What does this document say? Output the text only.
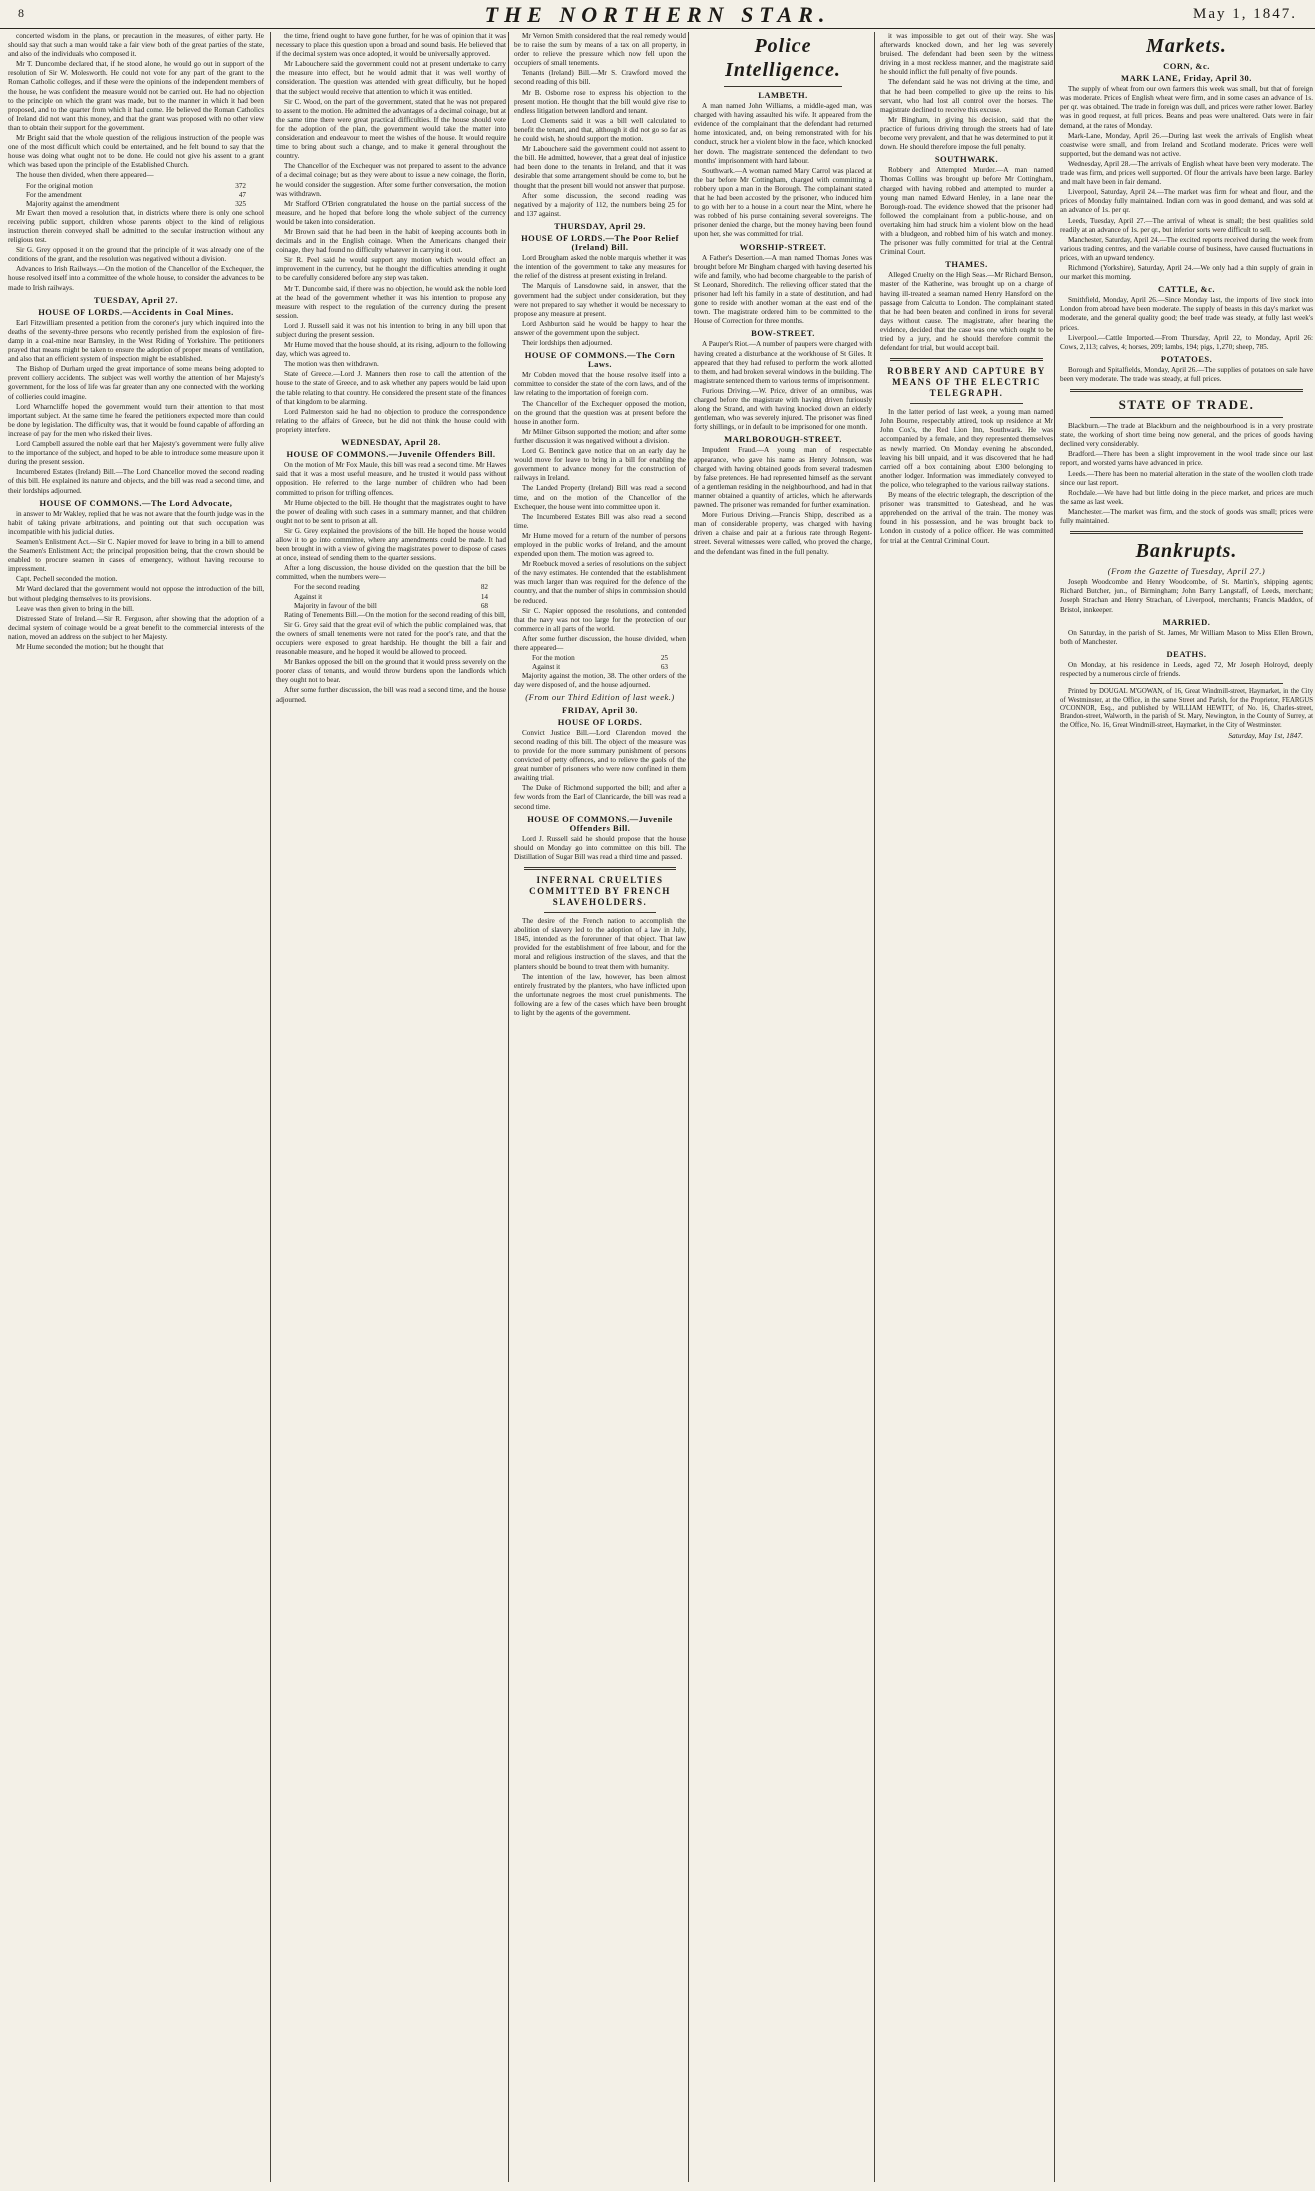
8	THE NORTHERN STAR.	May 1, 1847.

concerted wisdom in the plans, or precaution in the measures, of either party. He should say that such a man would take a fair view both of the great parties of the state, and also of the individuals who composed it.

Mr T. Duncombe declared that, if he stood alone, he would go out in support of the resolution of Sir W. Molesworth. He could not vote for any part of the grant to the Roman Catholic colleges, and if these were the opinions of the independent members of the house, he was confident the measure would not be carried out. He had no objection to the principle on which the grant was made, but to the manner in which it had been proposed, and to the quarter from which it had come. He believed the Roman Catholics of Ireland did not want this money, and that the grant was proposed with no other view than to obtain their support for the government.

Mr Bright said that the whole question of the religious instruction of the people was one of the most difficult which could be entertained, and he felt bound to say that the house was doing what ought not to be done. He could not give his assent to a grant which was based upon the principle of the Established Church.

The house then divided, when there appeared—

For the original motion	372
For the amendment	47
Majority against the amendment	325

Mr Ewart then moved a resolution that, in districts where there is only one school receiving public support, children whose parents object to the kind of religious instruction therein conveyed shall be admitted to the secular instruction without any religious test.

Sir G. Grey opposed it on the ground that the principle of it was already one of the conditions of the grant, and the resolution was negatived without a division.

Advances to Irish Railways.—On the motion of the Chancellor of the Exchequer, the house resolved itself into a committee of the whole house, to consider the advances to be made to Irish railways.

TUESDAY, April 27.
HOUSE OF LORDS.—Accidents in Coal Mines.

Earl Fitzwilliam presented a petition from the coroner's jury which inquired into the deaths of the seventy-three persons who recently perished from the explosion of fire-damp in a coal-mine near Barnsley, in the West Riding of Yorkshire. The petitioners prayed that means might be taken to ensure the adoption of proper means of ventilation, and also that an efficient system of inspection might be established.

The Bishop of Durham urged the great importance of some means being adopted to prevent colliery accidents. The subject was well worthy the attention of her Majesty's government, for the loss of life was far greater than any one connected with the working of collieries could imagine.

Lord Wharncliffe hoped the government would turn their attention to that most important subject. At the same time he feared the petitioners expected more than could be done by legislation. The difficulty was, that it would be found capable of affording an increase of pay for the men who risked their lives.

Lord Campbell assured the noble earl that her Majesty's government were fully alive to the importance of the subject, and hoped to be able to introduce some measure upon it during the present session.

Incumbered Estates (Ireland) Bill.—The Lord Chancellor moved the second reading of this bill. He explained its nature and objects, and the bill was read a second time, and their lordships adjourned.

HOUSE OF COMMONS.—The Lord Advocate,

in answer to Mr Wakley, replied that he was not aware that the fourth judge was in the habit of taking private arbitrations, and pointing out that such occupation was incompatible with his judicial duties.

Seamen's Enlistment Act.—Sir C. Napier moved for leave to bring in a bill to amend the Seamen's Enlistment Act; the principal proposition being, that the crown should be enabled to procure seamen in cases of emergency, without having recourse to impressment.

Capt. Pechell seconded the motion.

Mr Ward declared that the government would not oppose the introduction of the bill, but without pledging themselves to its provisions.

Leave was then given to bring in the bill.

Distressed State of Ireland.—Sir R. Ferguson, after showing that the adoption of a decimal system of coinage would be a great benefit to the commercial interests of the nation, moved an address on the subject to her Majesty.

Mr Hume seconded the motion; but he thought that

the time, friend ought to have gone further, for he was of opinion that it was necessary to place this question upon a broad and sound basis. He believed that if the decimal system was once adopted, it would be universally approved.

Mr Labouchere said the government could not at present undertake to carry the measure into effect, but he would admit that it was well worthy of consideration. The question was attended with great difficulty, but he hoped that the subject would receive that attention to which it was entitled.

Sir C. Wood, on the part of the government, stated that he was not prepared to assent to the motion. He admitted the advantages of a decimal coinage, but at the same time there were great practical difficulties. If the house should vote for the adoption of the plan, the government would take the matter into consideration and endeavour to meet the wishes of the house. It would require time to bring about such a change, and to make it general throughout the country.

The Chancellor of the Exchequer was not prepared to assent to the advance of a decimal coinage; but as they were about to issue a new coinage, the florin, he would consider the suggestion. After some further conversation, the motion was withdrawn.

Mr Stafford O'Brien congratulated the house on the partial success of the measure, and he hoped that before long the whole subject of the currency would be taken into consideration.

Mr Brown said that he had been in the habit of keeping accounts both in decimals and in the English coinage. When the Americans changed their coinage, they had found no difficulty whatever in carrying it out.

Sir R. Peel said he would support any motion which would effect an improvement in the currency, but he thought the difficulties attending it ought to be carefully considered before any step was taken.

Mr T. Duncombe said, if there was no objection, he would ask the noble lord at the head of the government whether it was his intention to propose any measure with respect to the regulation of the currency during the present session.

Lord J. Russell said it was not his intention to bring in any bill upon that subject during the present session.

Mr Hume moved that the house should, at its rising, adjourn to the following day, which was agreed to.

The motion was then withdrawn.

State of Greece.—Lord J. Manners then rose to call the attention of the house to the state of Greece, and to ask whether any papers would be laid upon the table relating to that country. He considered the present state of the finances of that kingdom to be alarming.

Lord Palmerston said he had no objection to produce the correspondence relating to the affairs of Greece, but he did not think the house could with propriety interfere.

WEDNESDAY, April 28.
HOUSE OF COMMONS.—Juvenile Offenders Bill.

On the motion of Mr Fox Maule, this bill was read a second time. Mr Hawes said that it was a most useful measure, and he trusted it would pass without opposition. He referred to the large number of children who had been committed to prison for trifling offences.

Mr Hume objected to the bill. He thought that the magistrates ought to have the power of dealing with such cases in a summary manner, and that children ought not to be sent to prison at all.

Sir G. Grey explained the provisions of the bill. He hoped the house would allow it to go into committee, where any amendments could be made. It had been brought in with a view of giving the magistrates power to dispose of cases at once, instead of sending them to the quarter sessions.

After a long discussion, the house divided on the question that the bill be committed, when the numbers were—

For the second reading	82
Against it	14
Majority in favour of the bill	68

Rating of Tenements Bill.—On the motion for the second reading of this bill,

Sir G. Grey said that the great evil of which the public complained was, that the owners of small tenements were not rated for the poor's rate, and that the occupiers were exposed to great hardship. He thought the bill a fair and reasonable measure, and he hoped it would be allowed to proceed.

Mr Bankes opposed the bill on the ground that it would press severely on the poorer class of tenants, and would throw burdens upon the landlords which they ought not to bear.

After some further discussion, the bill was read a second time, and the house adjourned.

Mr Vernon Smith considered that the real remedy would be to raise the sum by means of a tax on all property, in order to relieve the pressure which now fell upon the occupiers of small tenements.

Tenants (Ireland) Bill.—Mr S. Crawford moved the second reading of this bill.

Mr B. Osborne rose to express his objection to the present motion. He thought that the bill would give rise to endless litigation between landlord and tenant.

Lord Clements said it was a bill well calculated to benefit the tenant, and that, although it did not go so far as he could wish, he should support the motion.

Mr Labouchere said the government could not assent to the bill. He admitted, however, that a great deal of injustice had been done to the tenants in Ireland, and that it was desirable that some arrangement should be come to, but he thought that the present bill would not answer that purpose.

After some discussion, the second reading was negatived by a majority of 112, the numbers being 25 for and 137 against.

THURSDAY, April 29.
HOUSE OF LORDS.—The Poor Relief (Ireland) Bill.

Lord Brougham asked the noble marquis whether it was the intention of the government to take any measures for the relief of the distress at present existing in Ireland.

The Marquis of Lansdowne said, in answer, that the government had the subject under consideration, but they were not prepared to say whether it would be necessary to propose any measure at present.

Lord Ashburton said he would be happy to hear the answer of the government upon the subject.

Their lordships then adjourned.

HOUSE OF COMMONS.—The Corn Laws.

Mr Cobden moved that the house resolve itself into a committee to consider the state of the corn laws, and of the law relating to the importation of foreign corn.

The Chancellor of the Exchequer opposed the motion, on the ground that the question was at present before the house in another form.

Mr Milner Gibson supported the motion; and after some further discussion it was negatived without a division.

Lord G. Bentinck gave notice that on an early day he would move for leave to bring in a bill for enabling the government to advance money for the construction of railways in Ireland.

The Landed Property (Ireland) Bill was read a second time, and on the motion of the Chancellor of the Exchequer, the house went into committee upon it.

The Incumbered Estates Bill was also read a second time.

Mr Hume moved for a return of the number of persons employed in the public works of Ireland, and the amount expended upon them. The motion was agreed to.

Mr Roebuck moved a series of resolutions on the subject of the navy estimates. He contended that the establishment was much larger than was required for the defence of the country, and that the number of ships in commission should be reduced.

Sir C. Napier opposed the resolutions, and contended that the navy was not too large for the protection of our commerce in all parts of the world.

After some further discussion, the house divided, when there appeared—

For the motion	25
Against it	63

Majority against the motion, 38. The other orders of the day were disposed of, and the house adjourned.

(From our Third Edition of last week.)
FRIDAY, April 30.
HOUSE OF LORDS.

Convict Justice Bill.—Lord Clarendon moved the second reading of this bill. The object of the measure was to provide for the more summary punishment of persons convicted of petty offences, and to relieve the gaols of the great number of prisoners who were now confined in them awaiting trial.

The Duke of Richmond supported the bill; and after a few words from the Earl of Clanricarde, the bill was read a second time.

HOUSE OF COMMONS.—Juvenile Offenders Bill.

Lord J. Russell said he should propose that the house should on Monday go into committee on this bill. The Distillation of Sugar Bill was read a third time and passed.

INFERNAL CRUELTIES COMMITTED BY FRENCH SLAVEHOLDERS.

The desire of the French nation to accomplish the abolition of slavery led to the adoption of a law in July, 1845, intended as the forerunner of that object. That law provided for the establishment of free labour, and for the moral and religious instruction of the slaves, and that the planters should be bound to treat them with humanity.

The intention of the law, however, has been almost entirely frustrated by the planters, who have inflicted upon the unfortunate negroes the most cruel punishments. The following are a few of the cases which have been brought to light by the agents of the government.

Police Intelligence.
LAMBETH.

A man named John Williams, a middle-aged man, was charged with having assaulted his wife. It appeared from the evidence of the complainant that the defendant had returned home intoxicated, and, on being remonstrated with for his conduct, struck her a violent blow in the face, which knocked her down. The magistrate sentenced the defendant to two months' imprisonment with hard labour.

Southwark.—A woman named Mary Carrol was placed at the bar before Mr Cottingham, charged with committing a robbery upon a man in the Borough. The complainant stated that he had been accosted by the prisoner, who induced him to go with her to a house in a court near the Mint, where he was robbed of his purse containing several sovereigns. The prisoner denied the charge, but the money having been found upon her, she was committed for trial.

WORSHIP-STREET.

A Father's Desertion.—A man named Thomas Jones was brought before Mr Bingham charged with having deserted his wife and family, who had become chargeable to the parish of St Leonard, Shoreditch. The relieving officer stated that the prisoner had left his family in a state of destitution, and had gone to reside with another woman at the east end of the town. The magistrate ordered him to be committed to the House of Correction for three months.

BOW-STREET.

A Pauper's Riot.—A number of paupers were charged with having created a disturbance at the workhouse of St Giles. It appeared that they had refused to perform the work allotted to them, and had broken several windows in the building. The magistrate sentenced them to various terms of imprisonment.

Furious Driving.—W. Price, driver of an omnibus, was charged before the magistrate with having driven furiously along the Strand, and with having knocked down an elderly gentleman, who was severely injured. The prisoner was fined forty shillings, or in default to be imprisoned for one month.

MARLBOROUGH-STREET.

Impudent Fraud.—A young man of respectable appearance, who gave his name as Henry Johnson, was charged with having obtained goods from several tradesmen by false pretences. He had represented himself as the servant of a gentleman residing in the neighbourhood, and had in that manner obtained a quantity of articles, which he afterwards pawned. The prisoner was remanded for further examination.

More Furious Driving.—Francis Shipp, described as a man of considerable property, was charged with having driven a chaise and pair at a furious rate through Regent-street. Several witnesses were called, who proved the charge, and the defendant was fined in the full penalty.

it was impossible to get out of their way. She was afterwards knocked down, and her leg was severely bruised. The defendant had been seen by the witness driving in a most reckless manner, and the magistrate said he should inflict the full penalty of five pounds.

The defendant said he was not driving at the time, and that he had been compelled to give up the reins to his servant, who had lost all control over the horses. The magistrate declined to receive this excuse.

Mr Bingham, in giving his decision, said that the practice of furious driving through the streets had of late become very prevalent, and that he was determined to put it down. He should therefore impose the full penalty.

SOUTHWARK.

Robbery and Attempted Murder.—A man named Thomas Collins was brought up before Mr Cottingham, charged with having robbed and attempted to murder a young man named Edward Henley, in a lane near the Borough-road. The evidence showed that the prisoner had followed the complainant from a public-house, and on overtaking him had struck him a violent blow on the head with a bludgeon, and robbed him of his watch and money. The prisoner was fully committed for trial at the Central Criminal Court.

THAMES.

Alleged Cruelty on the High Seas.—Mr Richard Benson, master of the Katherine, was brought up on a charge of having ill-treated a seaman named Henry Hansford on the passage from Calcutta to London. The complainant stated that he had been beaten and confined in irons for several days without cause. The magistrate, after hearing the evidence, decided that the case was one which ought to be tried by a jury, and he should therefore commit the defendant for trial, but would accept bail.

ROBBERY AND CAPTURE BY MEANS OF THE ELECTRIC TELEGRAPH.

In the latter period of last week, a young man named John Bourne, respectably attired, took up residence at Mr John Cox's, the Red Lion Inn, Southwark. He was accompanied by a female, and they represented themselves as newly married. On Monday evening he absconded, leaving his bill unpaid, and it was discovered that he had carried off a box containing about £300 belonging to another lodger. Information was immediately conveyed to the police, who telegraphed to the various railway stations.

By means of the electric telegraph, the description of the prisoner was transmitted to Gateshead, and he was apprehended on the arrival of the train. The money was found in his possession, and he was brought back to London in custody of a police officer. He was committed for trial at the Central Criminal Court.

Markets.
CORN, &c.
MARK LANE, Friday, April 30.

The supply of wheat from our own farmers this week was small, but that of foreign was moderate. Prices of English wheat were firm, and in some cases an advance of 1s. per qr. was obtained. The trade in foreign was dull, and prices were rather lower. Barley was in good request, at full prices. Beans and peas were unaltered. Oats were in fair demand, at the rates of Monday.

Mark-Lane, Monday, April 26.—During last week the arrivals of English wheat coastwise were small, and from Ireland and Scotland moderate. Prices were well supported, but the demand was not active.

Wednesday, April 28.—The arrivals of English wheat have been very moderate. The trade was firm, and prices well supported. Of flour the arrivals have been large. Barley and malt have been in fair demand.

Liverpool, Saturday, April 24.—The market was firm for wheat and flour, and the prices of Monday fully maintained. Indian corn was in good demand, and was sold at an advance of 1s. per qr.

Leeds, Tuesday, April 27.—The arrival of wheat is small; the best qualities sold readily at an advance of 1s. per qr., but inferior sorts were difficult to sell.

Manchester, Saturday, April 24.—The excited reports received during the week from various trading centres, and the variable course of business, have caused fluctuations in prices, with an upward tendency.

Richmond (Yorkshire), Saturday, April 24.—We only had a thin supply of grain in our market this morning.

CATTLE, &c.

Smithfield, Monday, April 26.—Since Monday last, the imports of live stock into London from abroad have been moderate. The supply of beasts in this day's market was moderate, and the general quality good; the beef trade was steady, at fully last week's prices.

Liverpool.—Cattle Imported.—From Thursday, April 22, to Monday, April 26: Cows, 2,113; calves, 4; horses, 209; lambs, 194; pigs, 1,270; sheep, 785.

POTATOES.

Borough and Spitalfields, Monday, April 26.—The supplies of potatoes on sale have been very moderate. The trade was steady, at full prices.

STATE OF TRADE.

Blackburn.—The trade at Blackburn and the neighbourhood is in a very prostrate state, the working of short time being now general, and the prices of goods having declined very considerably.

Bradford.—There has been a slight improvement in the wool trade since our last report, and worsted yarns have advanced in price.

Leeds.—There has been no material alteration in the state of the woollen cloth trade since our last report.

Rochdale.—We have had but little doing in the piece market, and prices are much the same as last week.

Manchester.—The market was firm, and the stock of goods was small; prices were fully maintained.

Bankrupts.
(From the Gazette of Tuesday, April 27.)

Joseph Woodcombe and Henry Woodcombe, of St. Martin's, shipping agents; Richard Butcher, jun., of Birmingham; John Barry Langstaff, of Leeds, merchant; Joseph Strachan and Henry Strachan, of Liverpool, merchants; Francis Maddox, of Bristol, innkeeper.

MARRIED.

On Saturday, in the parish of St. James, Mr William Mason to Miss Ellen Brown, both of Manchester.

DEATHS.

On Monday, at his residence in Leeds, aged 72, Mr Joseph Holroyd, deeply respected by a numerous circle of friends.

Printed by DOUGAL M'GOWAN, of 16, Great Windmill-street, Haymarket, in the City of Westminster, at the Office, in the same Street and Parish, for the Proprietor, FEARGUS O'CONNOR, Esq., and published by WILLIAM HEWITT, of No. 16, Charles-street, Brandon-street, Walworth, in the parish of St. Mary, Newington, in the County of Surrey, at the Office, No. 16, Great Windmill-street, Haymarket, in the City of Westminster.

Saturday, May 1st, 1847.
